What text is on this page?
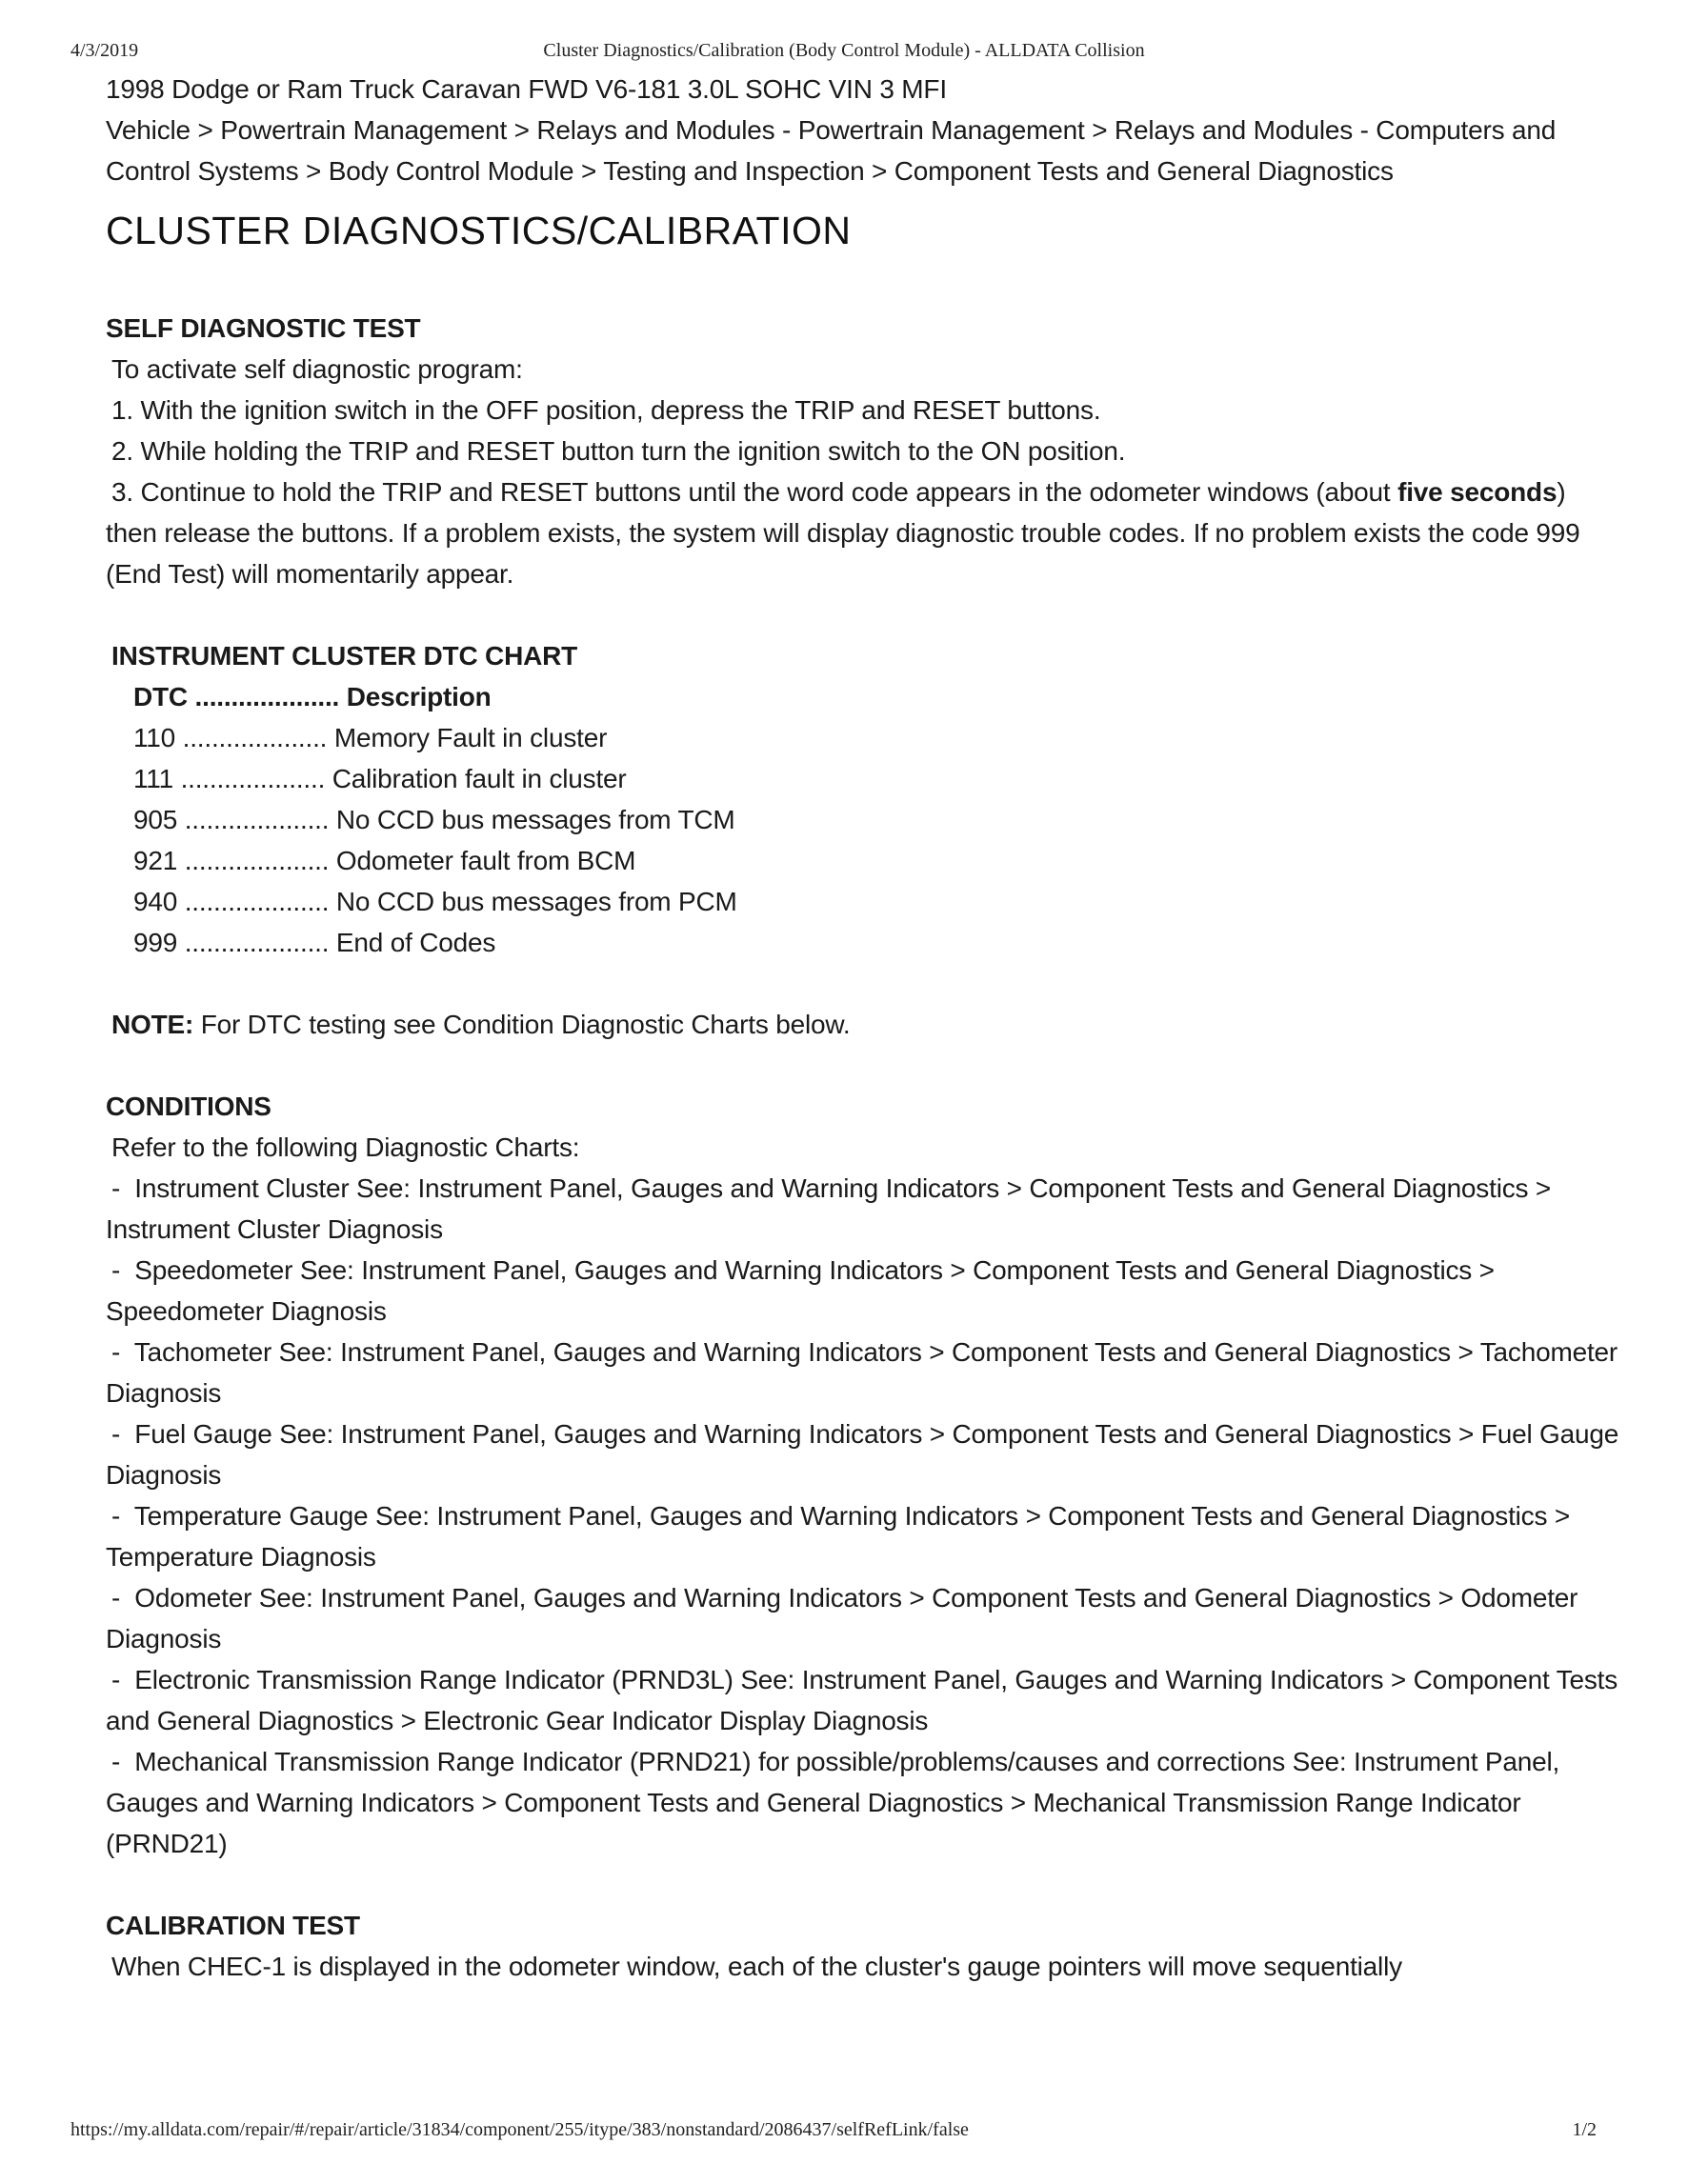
4/3/2019	Cluster Diagnostics/Calibration (Body Control Module) - ALLDATA Collision

1998 Dodge or Ram Truck Caravan FWD V6-181 3.0L SOHC VIN 3 MFI

Vehicle > Powertrain Management > Relays and Modules - Powertrain Management > Relays and Modules - Computers and Control Systems > Body Control Module > Testing and Inspection > Component Tests and General Diagnostics

CLUSTER DIAGNOSTICS/CALIBRATION

SELF DIAGNOSTIC TEST

To activate self diagnostic program:

1. With the ignition switch in the OFF position, depress the TRIP and RESET buttons.

2. While holding the TRIP and RESET button turn the ignition switch to the ON position.

3. Continue to hold the TRIP and RESET buttons until the word code appears in the odometer windows (about five seconds) then release the buttons. If a problem exists, the system will display diagnostic trouble codes. If no problem exists the code 999 (End Test) will momentarily appear.

INSTRUMENT CLUSTER DTC CHART

DTC .................... Description

110 .................... Memory Fault in cluster

111 .................... Calibration fault in cluster

905 .................... No CCD bus messages from TCM

921 .................... Odometer fault from BCM

940 .................... No CCD bus messages from PCM

999 .................... End of Codes

NOTE: For DTC testing see Condition Diagnostic Charts below.

CONDITIONS

Refer to the following Diagnostic Charts:

- Instrument Cluster See: Instrument Panel, Gauges and Warning Indicators > Component Tests and General Diagnostics > Instrument Cluster Diagnosis

- Speedometer See: Instrument Panel, Gauges and Warning Indicators > Component Tests and General Diagnostics > Speedometer Diagnosis

- Tachometer See: Instrument Panel, Gauges and Warning Indicators > Component Tests and General Diagnostics > Tachometer Diagnosis

- Fuel Gauge See: Instrument Panel, Gauges and Warning Indicators > Component Tests and General Diagnostics > Fuel Gauge Diagnosis

- Temperature Gauge See: Instrument Panel, Gauges and Warning Indicators > Component Tests and General Diagnostics > Temperature Diagnosis

- Odometer See: Instrument Panel, Gauges and Warning Indicators > Component Tests and General Diagnostics > Odometer Diagnosis

- Electronic Transmission Range Indicator (PRND3L) See: Instrument Panel, Gauges and Warning Indicators > Component Tests and General Diagnostics > Electronic Gear Indicator Display Diagnosis

- Mechanical Transmission Range Indicator (PRND21) for possible/problems/causes and corrections See: Instrument Panel, Gauges and Warning Indicators > Component Tests and General Diagnostics > Mechanical Transmission Range Indicator (PRND21)

CALIBRATION TEST

When CHEC-1 is displayed in the odometer window, each of the cluster's gauge pointers will move sequentially

https://my.alldata.com/repair/#/repair/article/31834/component/255/itype/383/nonstandard/2086437/selfRefLink/false	1/2
